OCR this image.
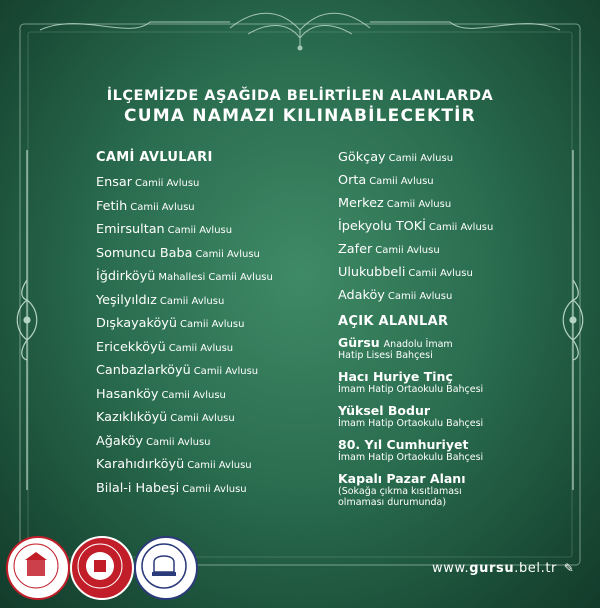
İLÇEMİZDE AŞAĞIDA BELİRTİLEN ALANLARDA
CUMA NAMAZI KILINABİLECEKTİR
CAMİ AVLULARI
Ensar Camii Avlusu
Fetih Camii Avlusu
Emirsultan Camii Avlusu
Somuncu Baba Camii Avlusu
İğdirköyü Mahallesi Camii Avlusu
Yeşilyıldız Camii Avlusu
Dışkayaköyü Camii Avlusu
Ericekköyü Camii Avlusu
Canbazlarköyü Camii Avlusu
Hasanköy Camii Avlusu
Kazıklıköyü Camii Avlusu
Ağaköy Camii Avlusu
Karahıdırköyü Camii Avlusu
Bilal-i Habeşi Camii Avlusu
Gökçay Camii Avlusu
Orta Camii Avlusu
Merkez Camii Avlusu
İpekyolu TOKİ Camii Avlusu
Zafer Camii Avlusu
Ulukubbeli Camii Avlusu
Adaköy Camii Avlusu
AÇIK ALANLAR
Gürsu Anadolu İmam
Hatip Lisesi Bahçesi
Hacı Huriye Tinç
İmam Hatip Ortaokulu Bahçesi
Yüksel Bodur
İmam Hatip Ortaokulu Bahçesi
80. Yıl Cumhuriyet
İmam Hatip Ortaokulu Bahçesi
Kapalı Pazar Alanı
(Sokağa çıkma kısıtlaması
olmaması durumunda)
www.gursu.bel.tr ✎
